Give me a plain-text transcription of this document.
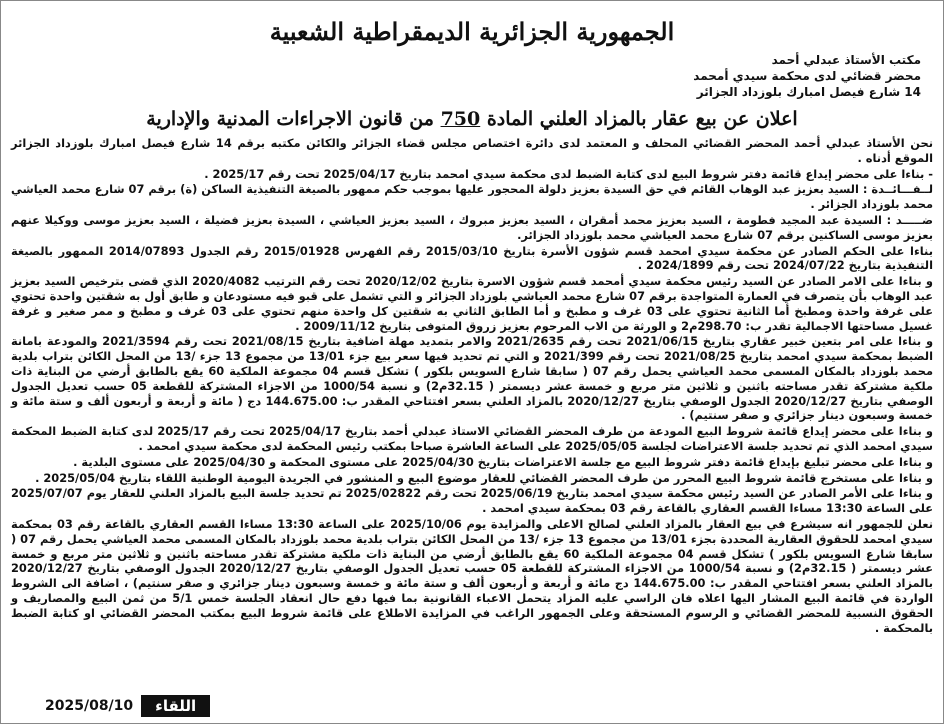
الجمهورية الجزائرية الديمقراطية الشعبية
مكتب الأستاذ عبدلي أحمد
محضر قضائي لدى محكمة سيدي أمحمد
14 شارع فيصل امبارك بلوزداد الجزائر
اعلان عن بيع عقار بالمزاد العلني المادة 750 من قانون الاجراءات المدنية والإدارية

نحن الأستاذ عبدلي أحمد المحضر القضائي المحلف و المعتمد لدى دائرة اختصاص مجلس قضاء الجزائر والكائن مكتبه برقم 14 شارع فيصل امبارك بلوزداد الجزائر الموقع أدناه .

- بناءا على محضر إيداع قائمة دفتر شروط البيع لدى كتابة الضبط لدى محكمة سيدي امحمد بتاريخ 2025/04/17 تحت رقم 2025/17 .

لــفـــائــدة : السيد بعزيز عبد الوهاب القائم في حق السيدة بعزيز دلولة المحجور عليها بموجب حكم ممهور بالصيغة التنفيذية الساكن (ة) برقم 07 شارع محمد العياشي محمد بلوزداد الجزائر .

ضـــــد : السيدة عبد المجيد فطومة ، السيد بعزيز محمد أمقران ، السيد بعزيز مبروك ، السيد بعزيز العياشي ، السيدة بعزيز فضيلة ، السيد بعزيز موسى ووكيلا عنهم بعزيز موسى الساكنين برقم 07 شارع محمد العياشي محمد بلوزداد الجزائر.

بناءا على الحكم الصادر عن محكمة سيدي امحمد قسم شؤون الأسرة بتاريخ 2015/03/10 رقم الفهرس 2015/01928 رقم الجدول 2014/07893 الممهور بالصيغة التنفيذية بتاريخ 2024/07/22 تحت رقم 2024/1899 .

و بناءا على الامر الصادر عن السيد رئيس محكمة سيدي أمحمد قسم شؤون الاسرة بتاريخ 2020/12/02 تحت رقم الترتيب 2020/4082 الذي قضى بترخيص السيد بعزيز عبد الوهاب بأن يتصرف في العمارة المتواجدة برقم 07 شارع محمد العياشي بلوزداد الجزائر و التي تشمل على قبو فيه مستودعان و طابق أول به شقتين واحدة تحتوي على غرفة واحدة ومطبخ أما الثانية تحتوي على 03 غرف و مطبخ و أما الطابق الثاني به شقتين كل واحدة منهم تحتوي على 03 غرف و مطبخ و ممر صغير و غرفة غسيل مساحتها الاجمالية تقدر ب: 298.70م2 و الورثة من الاب المرحوم بعزيز زروق المتوفى بتاريخ 2009/11/12 .

و بناءا على امر بتعين خبير عقاري بتاريخ 2021/06/15 تحت رقم 2021/2635 والامر بتمديد مهلة اضافية بتاريخ 2021/08/15 تحت رقم 2021/3594 والمودعة بامانة الضبط بمحكمة سيدي امحمد بتاريخ 2021/08/25 تحت رقم 2021/399 و التي تم تحديد فيها سعر بيع جزء 13/01 من مجموع 13 جزء /13 من المحل الكائن بتراب بلدية محمد بلوزداد بالمكان المسمى محمد العياشي يحمل رقم 07 ( سابقا شارع السويس بلكور ) تشكل قسم 04 مجموعة الملكية 60 يقع بالطابق أرضي من البناية ذات ملكية مشتركة تقدر مساحته باثنين و ثلاثين متر مربع و خمسة عشر ديسمتر ( 32.15م2) و نسبة 1000/54 من الاجزاء المشتركة للقطعة 05 حسب تعديل الجدول الوصفي بتاريخ 2020/12/27 الجدول الوصفي بتاريخ 2020/12/27 بالمزاد العلني بسعر افتتاحي المقدر ب: 144.675.00 دج ( مائة و أربعة و أربعون ألف و ستة مائة و خمسة وسبعون دينار جزائري و صفر سنتيم) .

و بناءا على محضر إيداع قائمة شروط البيع المودعة من طرف المحضر القضائي الاستاذ عبدلي أحمد بتاريخ 2025/04/17 تحت رقم 2025/17 لدى كتابة الضبط المحكمة سيدي امحمد الذي تم تحديد جلسة الاعتراضات لجلسة 2025/05/05 على الساعة العاشرة صباحا بمكتب رئيس المحكمة لدى محكمة سيدي امحمد .

و بناءا على محضر تبليغ بإيداع قائمة دفتر شروط البيع مع جلسة الاعتراضات بتاريخ 2025/04/30 على مستوى المحكمة و 2025/04/30 على مستوى البلدية .

و بناءا على مستخرج قائمة شروط البيع المحرر من طرف المحضر القضائي للعقار موضوع البيع و المنشور في الجريدة اليومية الوطنية اللقاء بتاريخ 2025/05/04 .

و بناءا على الأمر الصادر عن السيد رئيس محكمة سيدي امحمد بتاريخ 2025/06/19 تحت رقم 2025/02822 تم تحديد جلسة البيع بالمزاد العلني للعقار يوم 2025/07/07 على الساعة 13:30 مساءا القسم العقاري بالقاعة رقم 03 بمحكمة سيدي امحمد .

نعلن للجمهور انه سيشرع في بيع العقار بالمزاد العلني لصالح الاعلى والمزايدة يوم 2025/10/06 على الساعة 13:30 مساءا القسم العقاري بالقاعة رقم 03 بمحكمة سيدي امحمد للحقوق العقارية المحددة بجزء 13/01 من مجموع 13 جزء /13 من المحل الكائن بتراب بلدية محمد بلوزداد بالمكان المسمى محمد العياشي يحمل رقم 07 ( سابقا شارع السويس بلكور ) تشكل قسم 04 مجموعة الملكية 60 يقع بالطابق أرضي من البناية ذات ملكية مشتركة تقدر مساحته باثنين و ثلاثين متر مربع و خمسة عشر ديسمتر ( 32.15م2) و نسبة 1000/54 من الاجزاء المشتركة للقطعة 05 حسب تعديل الجدول الوصفي بتاريخ 2020/12/27 الجدول الوصفي بتاريخ 2020/12/27 بالمزاد العلني بسعر افتتاحي المقدر ب: 144.675.00 دج مائة و أربعة و أربعون ألف و ستة مائة و خمسة وسبعون دينار جزائري و صفر سنتيم) ، اضافة الى الشروط الواردة في قائمة البيع المشار اليها اعلاه فان الراسي عليه المزاد يتحمل الاعباء القانونية بما فيها دفع حال انعقاد الجلسة خمس 5/1 من ثمن البيع والمصاريف و الحقوق النسبية للمحضر القضائي و الرسوم المستحقة وعلى الجمهور الراغب في المزايدة الاطلاع على قائمة شروط البيع بمكتب المحضر القضائي او كتابة الضبط بالمحكمة .

2025/08/10	اللقاء
